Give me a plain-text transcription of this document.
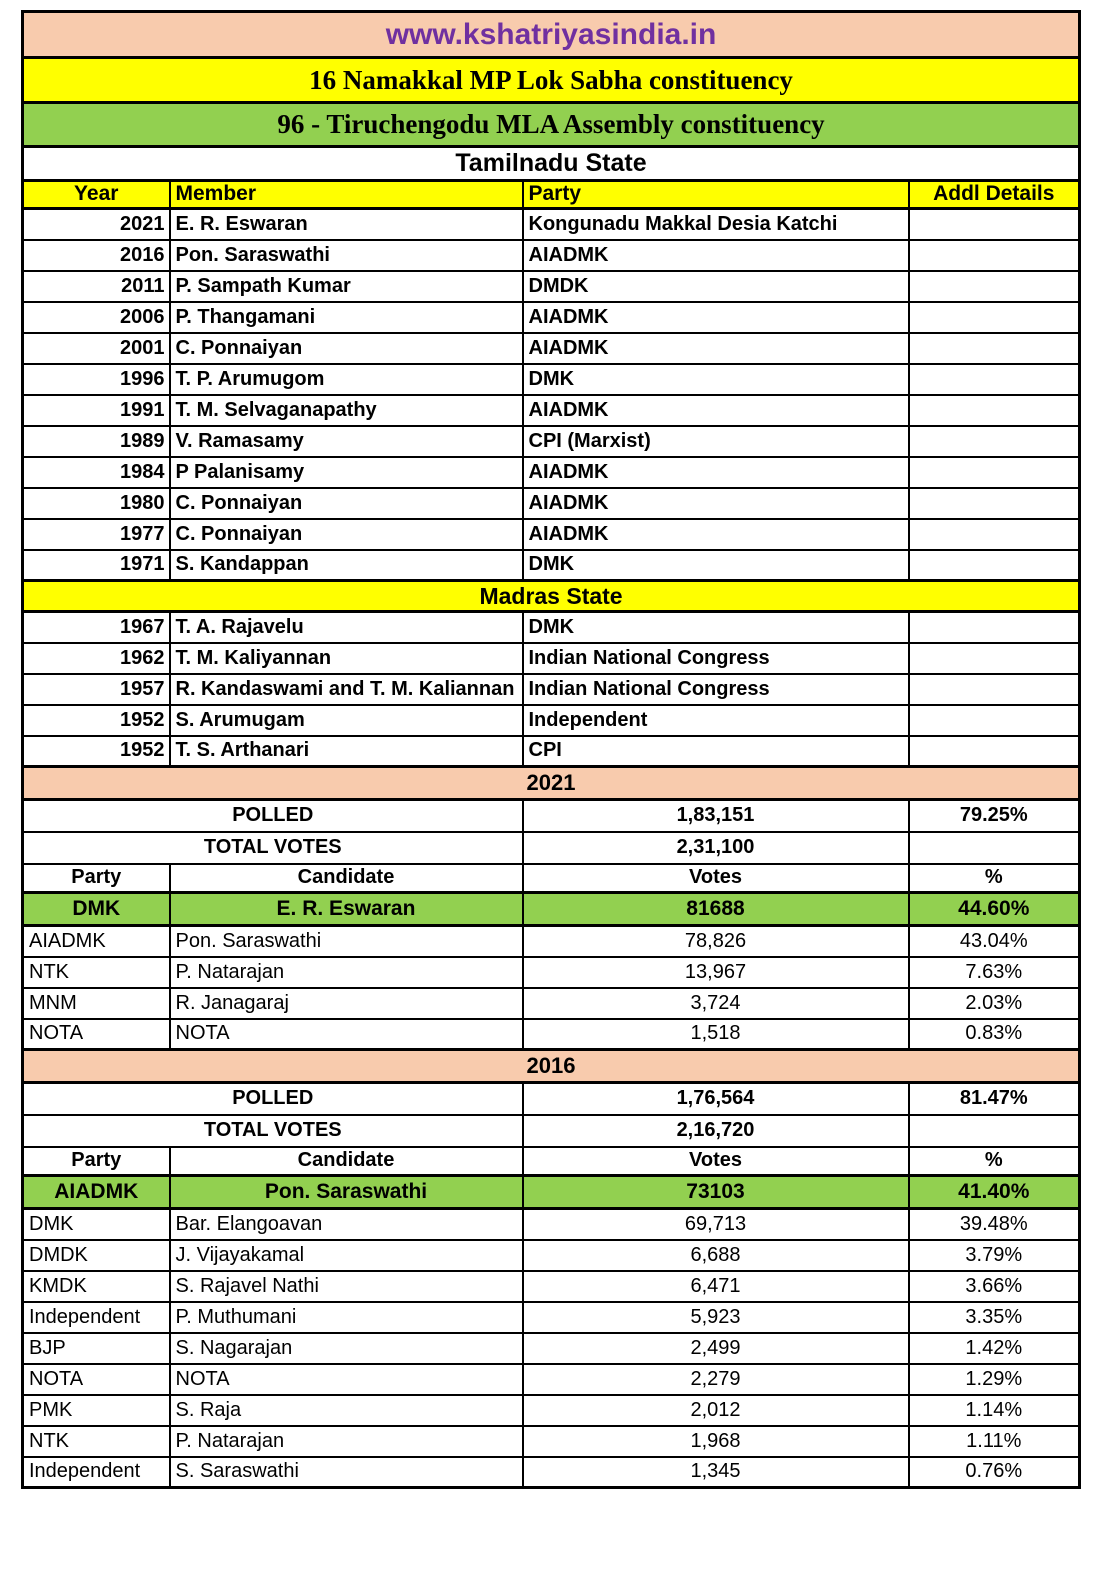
www.kshatriyasindia.in			
16 Namakkal MP Lok Sabha constituency			
96 - Tiruchengodu MLA Assembly constituency			
Tamilnadu State			
Year	Member	Party	Addl Details
2021	E. R. Eswaran	Kongunadu Makkal Desia Katchi	
2016	Pon. Saraswathi	AIADMK	
2011	P. Sampath Kumar	DMDK	
2006	P. Thangamani	AIADMK	
2001	C. Ponnaiyan	AIADMK	
1996	T. P. Arumugom	DMK	
1991	T. M. Selvaganapathy	AIADMK	
1989	V. Ramasamy	CPI (Marxist)	
1984	P Palanisamy	AIADMK	
1980	C. Ponnaiyan	AIADMK	
1977	C. Ponnaiyan	AIADMK	
1971	S. Kandappan	DMK	
Madras State			
1967	T. A. Rajavelu	DMK	
1962	T. M. Kaliyannan	Indian National Congress	
1957	R. Kandaswami and T. M. Kaliannan	Indian National Congress	
1952	S. Arumugam	Independent	
1952	T. S. Arthanari	CPI	
2021			
POLLED		1,83,151	79.25%
TOTAL VOTES		2,31,100	
Party	Candidate	Votes	%
DMK	E. R. Eswaran	81688	44.60%
AIADMK	Pon. Saraswathi	78,826	43.04%
NTK	P. Natarajan	13,967	7.63%
MNM	R. Janagaraj	3,724	2.03%
NOTA	NOTA	1,518	0.83%
2016			
POLLED		1,76,564	81.47%
TOTAL VOTES		2,16,720	
Party	Candidate	Votes	%
AIADMK	Pon. Saraswathi	73103	41.40%
DMK	Bar. Elangoavan	69,713	39.48%
DMDK	J. Vijayakamal	6,688	3.79%
KMDK	S. Rajavel Nathi	6,471	3.66%
Independent	P. Muthumani	5,923	3.35%
BJP	S. Nagarajan	2,499	1.42%
NOTA	NOTA	2,279	1.29%
PMK	S. Raja	2,012	1.14%
NTK	P. Natarajan	1,968	1.11%
Independent	S. Saraswathi	1,345	0.76%
